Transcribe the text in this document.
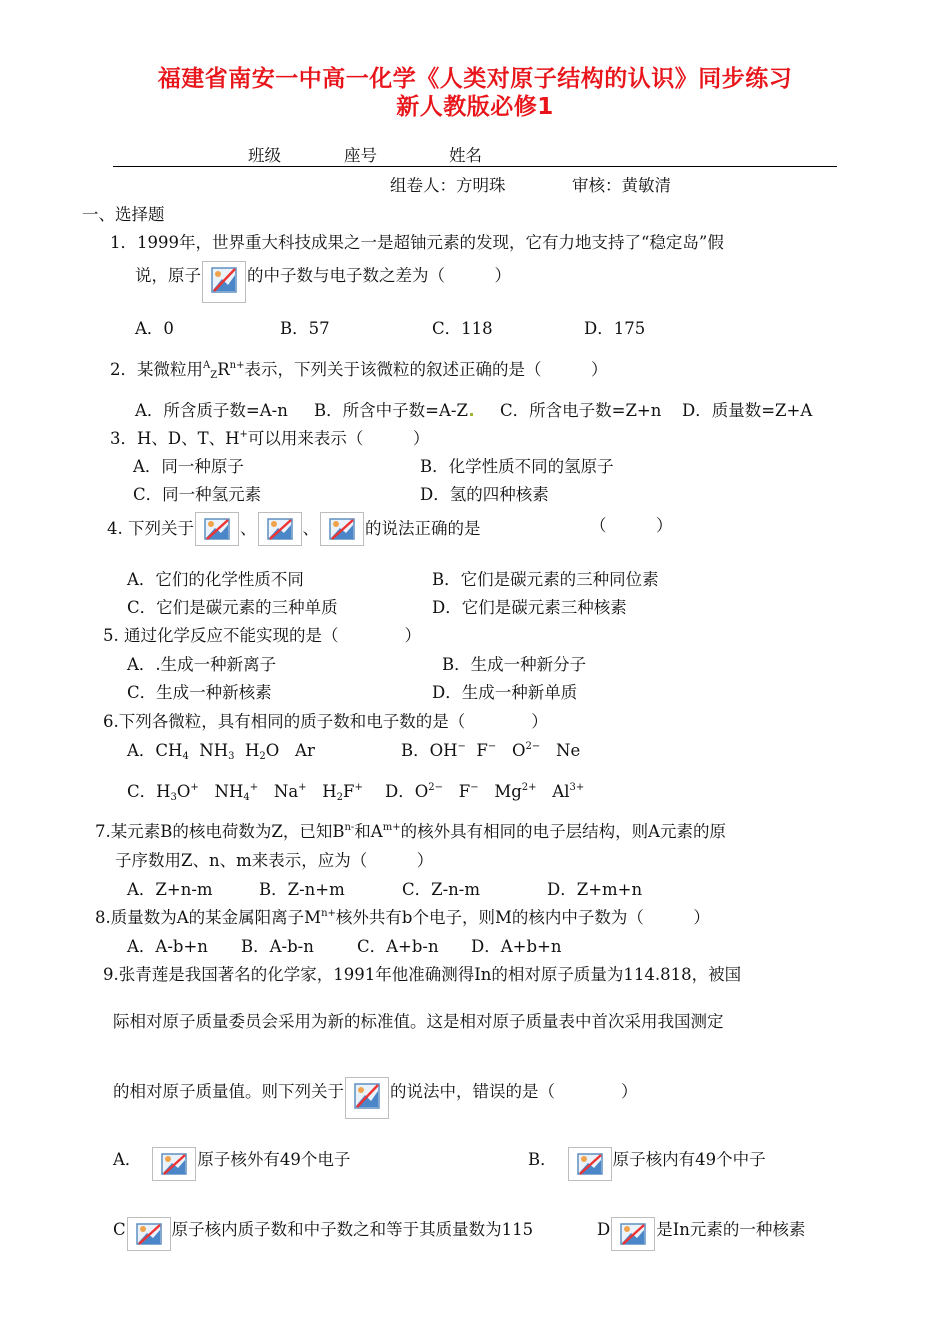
福建省南安一中高一化学《人类对原子结构的认识》同步练习
新人教版必修1
班级	座号	姓名
组卷人：方明珠	审核：黄敏清
一、选择题
1．1999年，世界重大科技成果之一是超铀元素的发现，它有力地支持了“稳定岛”假
说，原子	的中子数与电子数之差为（　　　）
A．0	B．57	C．118	D．175
2．某微粒用$^A_ZR^{n+}$表示，下列关于该微粒的叙述正确的是（　　　）
A．所含质子数=A-n B．所含中子数=A-Z	C．所含电子数=Z+n D．质量数=Z+A
3．H、D、T、H+可以用来表示（　　　）
A．同一种原子	B．化学性质不同的氢原子
C．同一种氢元素	D．氢的四种核素
4. 下列关于	、	、	的说法正确的是	（　　　）
A．它们的化学性质不同	B．它们是碳元素的三种同位素
C．它们是碳元素的三种单质	D．它们是碳元素三种核素
5. 通过化学反应不能实现的是（　　　　）
A．.生成一种新离子	B．生成一种新分子
C．生成一种新核素	D．生成一种新单质
6.下列各微粒，具有相同的质子数和电子数的是（　　　　）
A．$CH_4$  $NH_3$  $H_2O$   Ar	B．OH−  F−   $O^{2-}$   Ne
C．$H_3O^+$   $NH_4^+$   Na+   $H_2F^+$ D．$O^{2-}$   F−   $Mg^{2+}$   $Al^{3+}$
7.某元素B的核电荷数为Z，已知$B^{n-}$和$A^{m+}$的核外具有相同的电子层结构，则A元素的原
子序数用Z、n、m来表示，应为（　　　）
A．Z+n-m	B．Z-n+m	C．Z-n-m	D．Z+m+n
8.质量数为A的某金属阳离子$M^{n+}$核外共有b个电子，则M的核内中子数为（　　　）
A．A-b+n B．A-b-n	C．A+b-n D．A+b+n
9.张青莲是我国著名的化学家，1991年他准确测得In的相对原子质量为114.818，被国
际相对原子质量委员会采用为新的标准值。这是相对原子质量表中首次采用我国测定
的相对原子质量值。则下列关于	的说法中，错误的是（　　　　）
A．	原子核外有49个电子	B．	原子核内有49个中子
C	原子核内质子数和中子数之和等于其质量数为115	D	是In元素的一种核素
